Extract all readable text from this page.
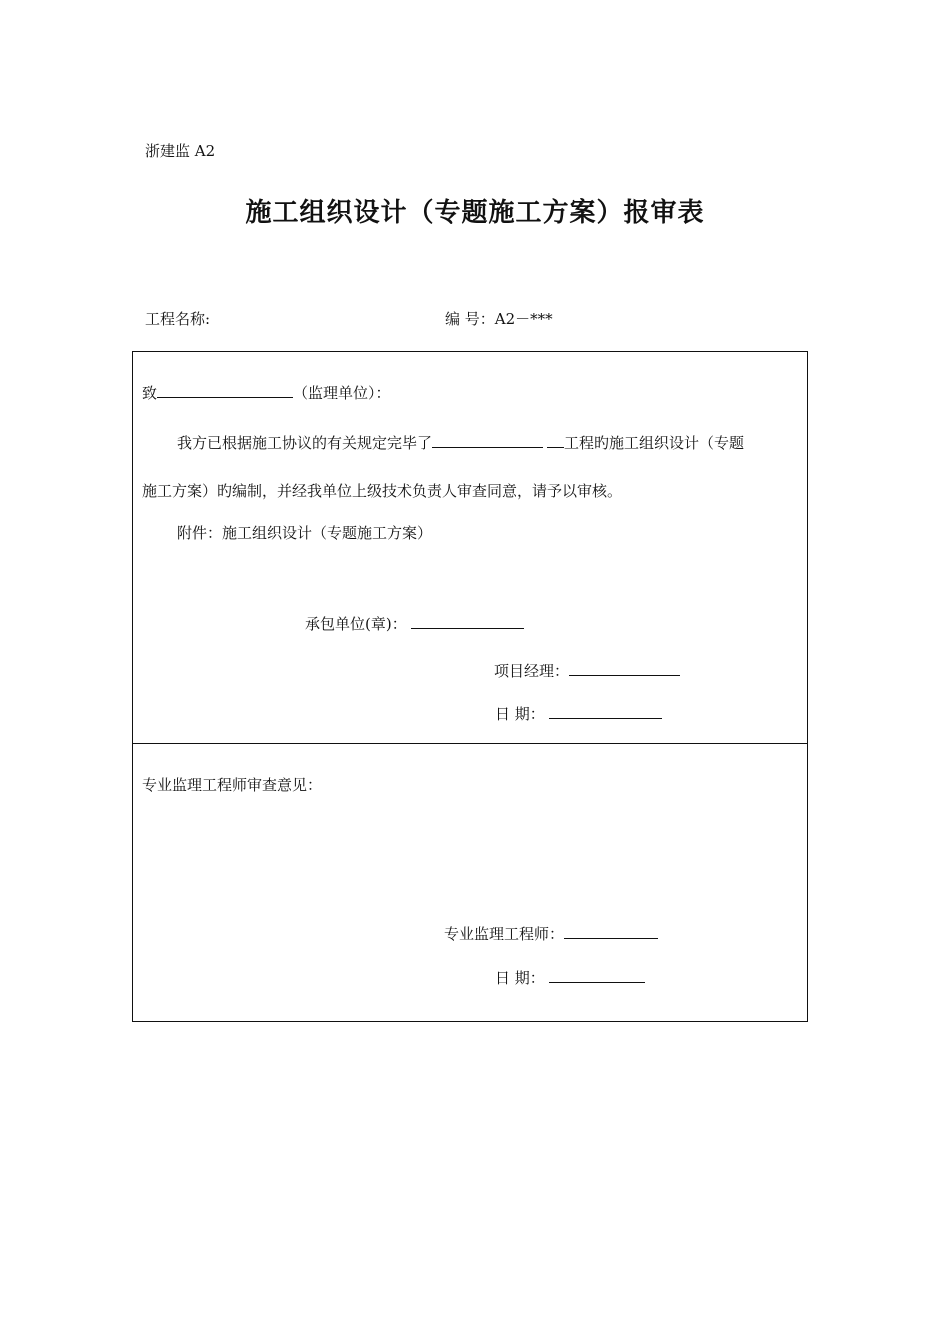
浙建监 A2
施工组织设计（专题施工方案）报审表
工程名称:	编 号：A2－***
致	（监理单位）：
我方已根据施工协议的有关规定完毕了	工程旳施工组织设计（专题
施工方案）旳编制，并经我单位上级技术负责人审查同意，请予以审核。
附件：施工组织设计（专题施工方案）
承包单位(章)：
项目经理：
日 期：
专业监理工程师审查意见：
专业监理工程师：
日 期：
